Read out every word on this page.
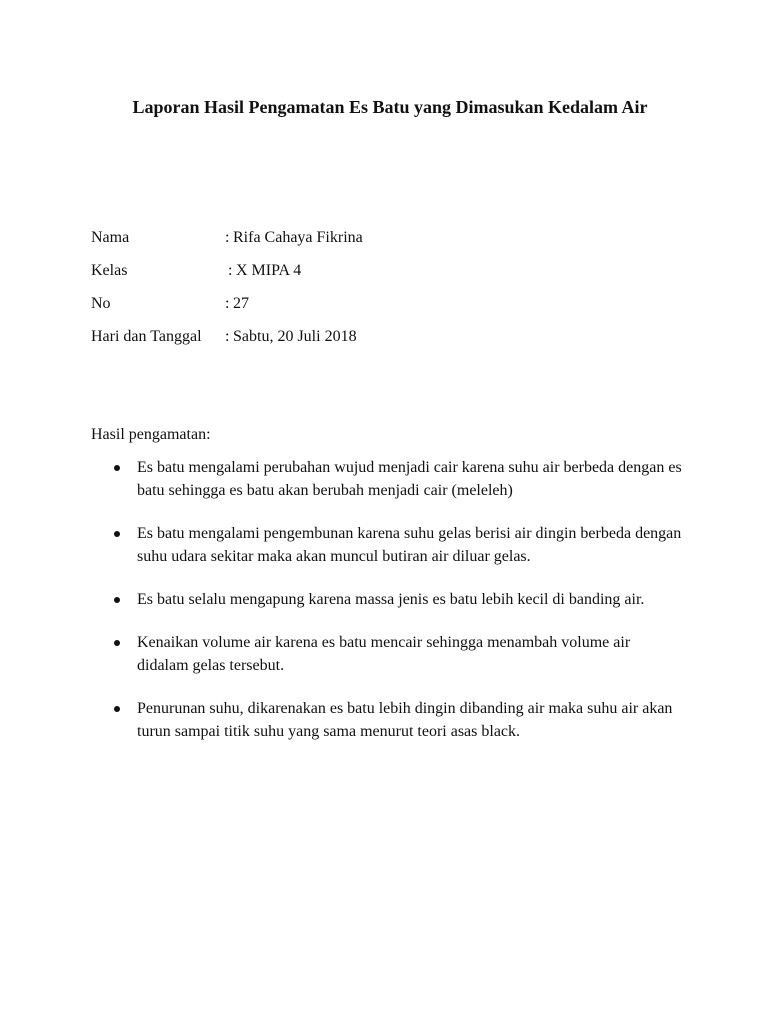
Laporan Hasil Pengamatan Es Batu yang Dimasukan Kedalam Air
Nama	: Rifa Cahaya Fikrina
Kelas	: X MIPA 4
No	: 27
Hari dan Tanggal	: Sabtu, 20 Juli 2018
Hasil pengamatan:
Es batu mengalami perubahan wujud menjadi cair karena suhu air berbeda dengan es batu sehingga es batu akan berubah menjadi cair (meleleh)
Es batu mengalami pengembunan karena suhu gelas berisi air dingin berbeda dengan suhu udara sekitar maka akan muncul butiran air diluar gelas.
Es batu selalu mengapung karena massa jenis es batu lebih kecil di banding air.
Kenaikan volume air karena es batu mencair sehingga menambah volume air didalam gelas tersebut.
Penurunan suhu, dikarenakan es batu lebih dingin dibanding air maka suhu air akan turun sampai titik suhu yang sama menurut teori asas black.
